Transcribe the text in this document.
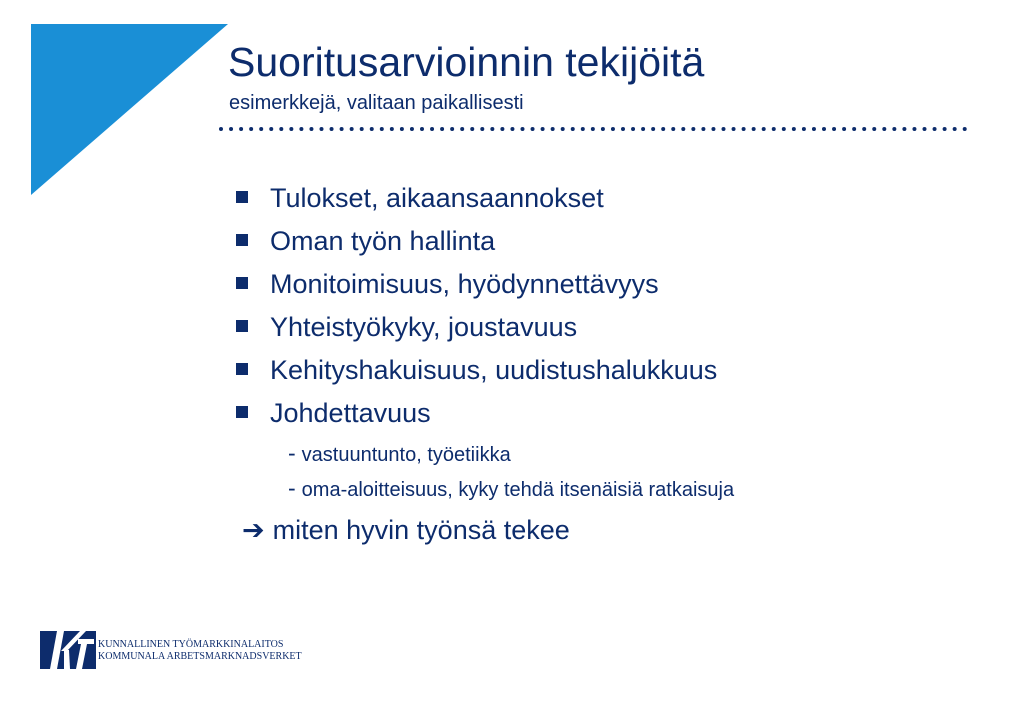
Suoritusarvioinnin tekijöitä
esimerkkejä, valitaan paikallisesti
Tulokset, aikaansaannokset
Oman työn hallinta
Monitoimisuus, hyödynnettävyys
Yhteistyökyky, joustavuus
Kehityshakuisuus, uudistushalukkuus
Johdettavuus
- vastuuntunto, työetiikka
- oma-aloitteisuus, kyky tehdä itsenäisiä ratkaisuja
➔ miten hyvin työnsä tekee
KUNNALLINEN TYÖMARKKINALAITOS
KOMMUNALA ARBETSMARKNADSVERKET
